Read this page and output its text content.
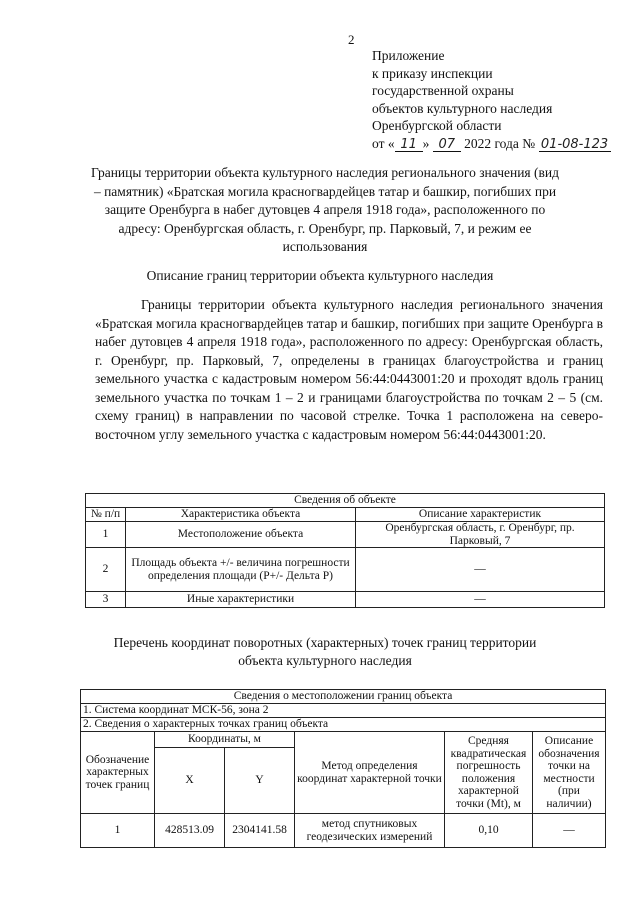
2
Приложение
к приказу инспекции
государственной охраны
объектов культурного наследия
Оренбургской области
от « 11 » 07 2022 года № 01-08-123
Границы территории объекта культурного наследия регионального значения (вид – памятник) «Братская могила красногвардейцев татар и башкир, погибших при защите Оренбурга в набег дутовцев 4 апреля 1918 года», расположенного по адресу: Оренбургская область, г. Оренбург, пр. Парковый, 7, и режим ее использования
Описание границ территории объекта культурного наследия
Границы территории объекта культурного наследия регионального значения «Братская могила красногвардейцев татар и башкир, погибших при защите Оренбурга в набег дутовцев 4 апреля 1918 года», расположенного по адресу: Оренбургская область, г. Оренбург, пр. Парковый, 7, определены в границах благоустройства и границ земельного участка с кадастровым номером 56:44:0443001:20 и проходят вдоль границ земельного участка по точкам 1 – 2 и границами благоустройства по точкам 2 – 5 (см. схему границ) в направлении по часовой стрелке. Точка 1 расположена на северо-восточном углу земельного участка с кадастровым номером 56:44:0443001:20.
Сведения об объекте		
№ п/п	Характеристика объекта	Описание характеристик
1	Местоположение объекта	Оренбургская область, г. Оренбург, пр. Парковый, 7
2	Площадь объекта +/- величина погрешности определения площади (P+/- Дельта P)	—
3	Иные характеристики	—
Перечень координат поворотных (характерных) точек границ территории объекта культурного наследия
Сведения о местоположении границ объекта					
1. Система координат МСК-56, зона 2					
2. Сведения о характерных точках границ объекта					
Обозначение характерных точек границ	Координаты, м		Метод определения координат характерной точки	Средняя квадратическая погрешность положения характерной точки (Mt), м	Описание обозначения точки на местности (при наличии)
	X	Y			
1	428513.09	2304141.58	метод спутниковых геодезических измерений	0,10	—
